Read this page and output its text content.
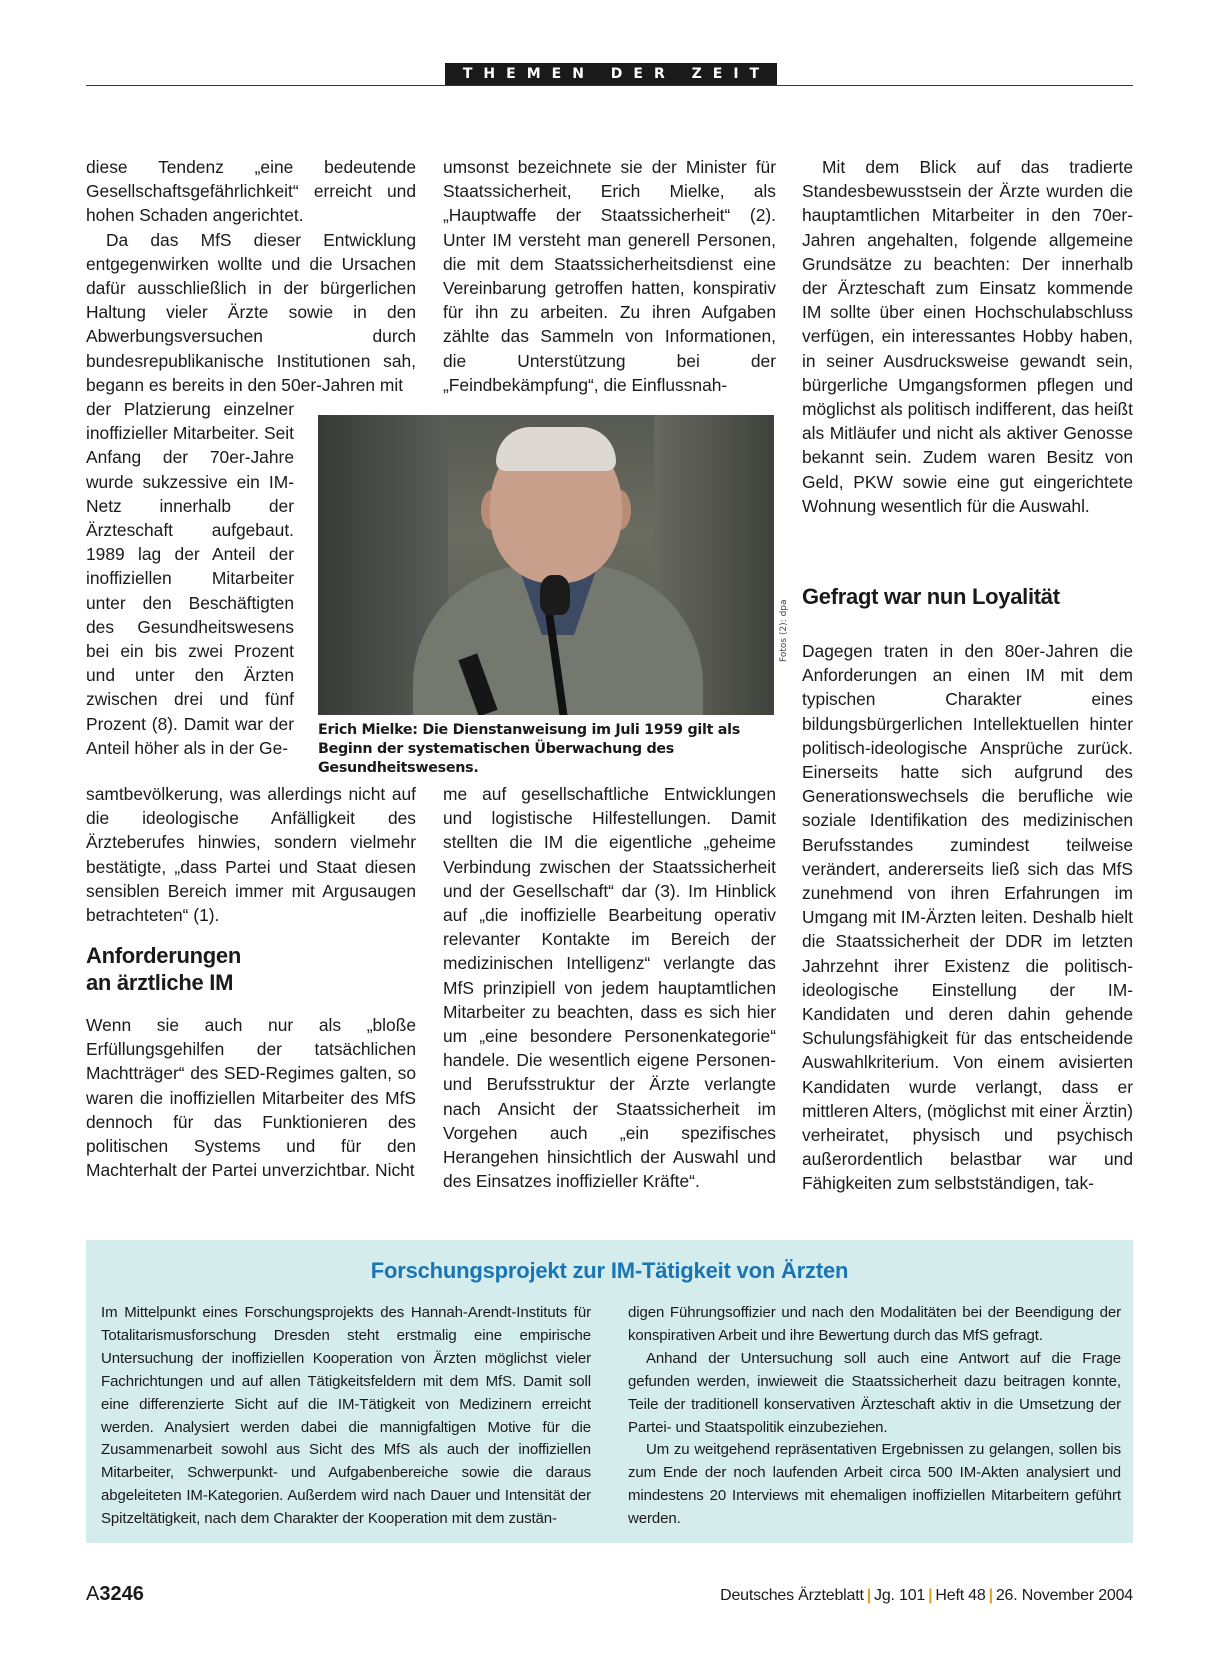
THEMEN DER ZEIT

diese Tendenz „eine bedeutende Gesellschaftsgefährlichkeit“ erreicht und hohen Schaden angerichtet.

Da das MfS dieser Entwicklung entgegenwirken wollte und die Ursachen dafür ausschließlich in der bürgerlichen Haltung vieler Ärzte sowie in den Abwerbungsversuchen durch bundesrepublikanische Institutionen sah, begann es bereits in den 50er-Jahren mit

der Platzierung einzelner inoffizieller Mitarbeiter. Seit Anfang der 70er-Jahre wurde sukzessive ein IM-Netz innerhalb der Ärzteschaft aufgebaut. 1989 lag der Anteil der inoffiziellen Mitarbeiter unter den Beschäftigten des Gesundheitswesens bei ein bis zwei Prozent und unter den Ärzten zwischen drei und fünf Prozent (8). Damit war der Anteil höher als in der Ge-

samtbevölkerung, was allerdings nicht auf die ideologische Anfälligkeit des Ärzteberufes hinwies, sondern vielmehr bestätigte, „dass Partei und Staat diesen sensiblen Bereich immer mit Argusaugen betrachteten“ (1).

Anforderungen
an ärztliche IM

Wenn sie auch nur als „bloße Erfüllungsgehilfen der tatsächlichen Machtträger“ des SED-Regimes galten, so waren die inoffiziellen Mitarbeiter des MfS dennoch für das Funktionieren des politischen Systems und für den Machterhalt der Partei unverzichtbar. Nicht

umsonst bezeichnete sie der Minister für Staatssicherheit, Erich Mielke, als „Hauptwaffe der Staatssicherheit“ (2). Unter IM versteht man generell Personen, die mit dem Staatssicherheitsdienst eine Vereinbarung getroffen hatten, konspirativ für ihn zu arbeiten. Zu ihren Aufgaben zählte das Sammeln von Informationen, die Unterstützung bei der „Feindbekämpfung“, die Einflussnah-

me auf gesellschaftliche Entwicklungen und logistische Hilfestellungen. Damit stellten die IM die eigentliche „geheime Verbindung zwischen der Staatssicherheit und der Gesellschaft“ dar (3). Im Hinblick auf „die inoffizielle Bearbeitung operativ relevanter Kontakte im Bereich der medizinischen Intelligenz“ verlangte das MfS prinzipiell von jedem hauptamtlichen Mitarbeiter zu beachten, dass es sich hier um „eine besondere Personenkategorie“ handele. Die wesentlich eigene Personen- und Berufsstruktur der Ärzte verlangte nach Ansicht der Staatssicherheit im Vorgehen auch „ein spezifisches Herangehen hinsichtlich der Auswahl und des Einsatzes inoffizieller Kräfte“.

Fotos (2): dpa
Erich Mielke: Die Dienstanweisung im Juli 1959 gilt als Beginn der systematischen Überwachung des Gesundheitswesens.

Mit dem Blick auf das tradierte Standesbewusstsein der Ärzte wurden die hauptamtlichen Mitarbeiter in den 70er-Jahren angehalten, folgende allgemeine Grundsätze zu beachten: Der innerhalb der Ärzteschaft zum Einsatz kommende IM sollte über einen Hochschulabschluss verfügen, ein interessantes Hobby haben, in seiner Ausdrucksweise gewandt sein, bürgerliche Umgangsformen pflegen und möglichst als politisch indifferent, das heißt als Mitläufer und nicht als aktiver Genosse bekannt sein. Zudem waren Besitz von Geld, PKW sowie eine gut eingerichtete Wohnung wesentlich für die Auswahl.

Gefragt war nun Loyalität

Dagegen traten in den 80er-Jahren die Anforderungen an einen IM mit dem typischen Charakter eines bildungsbürgerlichen Intellektuellen hinter politisch-ideologische Ansprüche zurück. Einerseits hatte sich aufgrund des Generationswechsels die berufliche wie soziale Identifikation des medizinischen Berufsstandes zumindest teilweise verändert, andererseits ließ sich das MfS zunehmend von ihren Erfahrungen im Umgang mit IM-Ärzten leiten. Deshalb hielt die Staatssicherheit der DDR im letzten Jahrzehnt ihrer Existenz die politisch-ideologische Einstellung der IM-Kandidaten und deren dahin gehende Schulungsfähigkeit für das entscheidende Auswahlkriterium. Von einem avisierten Kandidaten wurde verlangt, dass er mittleren Alters, (möglichst mit einer Ärztin) verheiratet, physisch und psychisch außerordentlich belastbar war und Fähigkeiten zum selbstständigen, tak-

Forschungsprojekt zur IM-Tätigkeit von Ärzten

Im Mittelpunkt eines Forschungsprojekts des Hannah-Arendt-Instituts für Totalitarismusforschung Dresden steht erstmalig eine empirische Untersuchung der inoffiziellen Kooperation von Ärzten möglichst vieler Fachrichtungen und auf allen Tätigkeitsfeldern mit dem MfS. Damit soll eine differenzierte Sicht auf die IM-Tätigkeit von Medizinern erreicht werden. Analysiert werden dabei die mannigfaltigen Motive für die Zusammenarbeit sowohl aus Sicht des MfS als auch der inoffiziellen Mitarbeiter, Schwerpunkt- und Aufgabenbereiche sowie die daraus abgeleiteten IM-Kategorien. Außerdem wird nach Dauer und Intensität der Spitzeltätigkeit, nach dem Charakter der Kooperation mit dem zustän-

digen Führungsoffizier und nach den Modalitäten bei der Beendigung der konspirativen Arbeit und ihre Bewertung durch das MfS gefragt.

Anhand der Untersuchung soll auch eine Antwort auf die Frage gefunden werden, inwieweit die Staatssicherheit dazu beitragen konnte, Teile der traditionell konservativen Ärzteschaft aktiv in die Umsetzung der Partei- und Staatspolitik einzubeziehen.

Um zu weitgehend repräsentativen Ergebnissen zu gelangen, sollen bis zum Ende der noch laufenden Arbeit circa 500 IM-Akten analysiert und mindestens 20 Interviews mit ehemaligen inoffiziellen Mitarbeitern geführt werden.

A3246	Deutsches Ärzteblatt | Jg. 101 | Heft 48 | 26. November 2004
